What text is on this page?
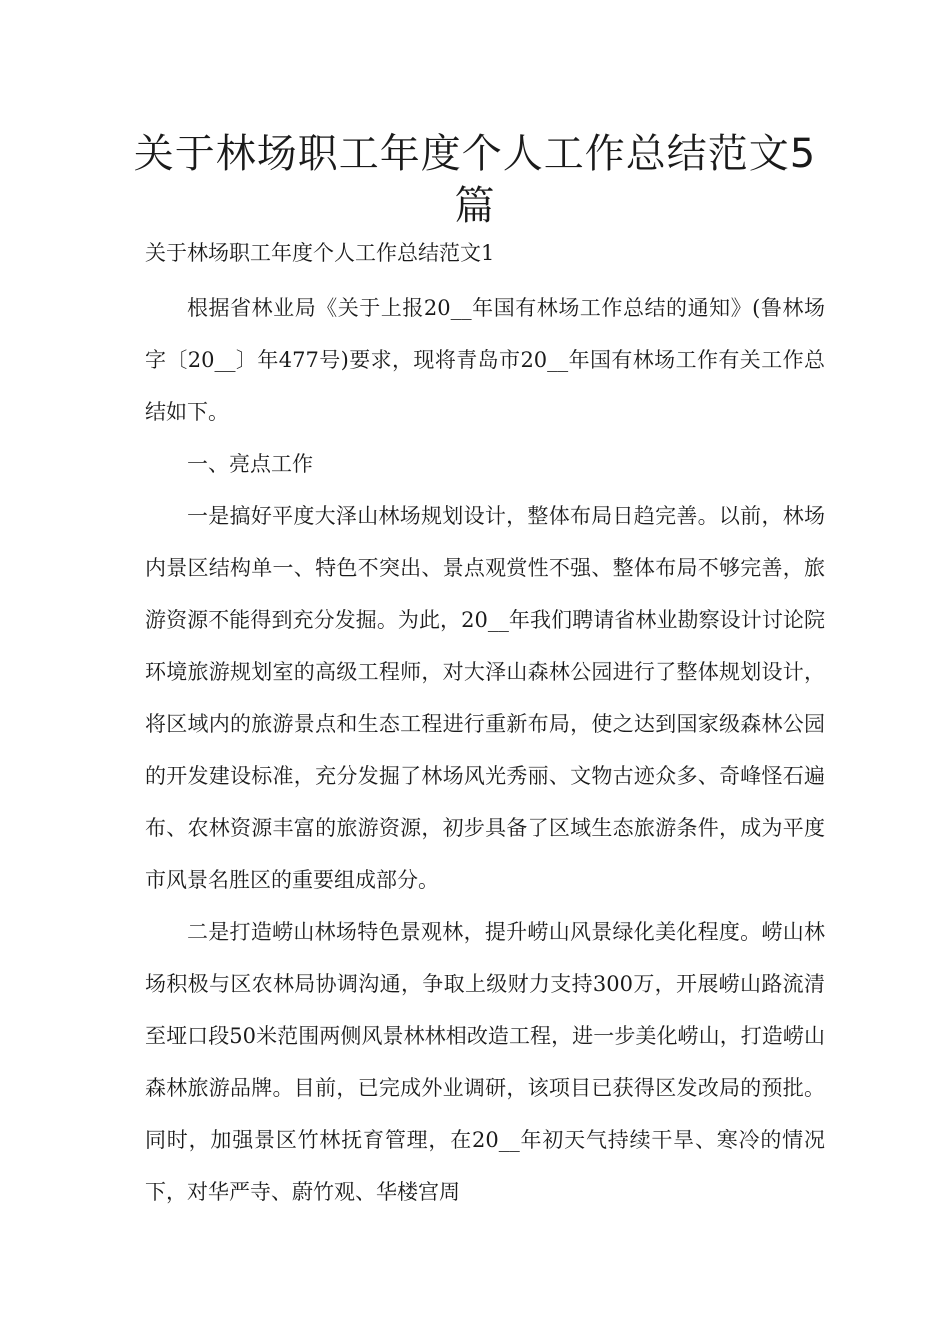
关于林场职工年度个人工作总结范文5篇
关于林场职工年度个人工作总结范文1

根据省林业局《关于上报20__年国有林场工作总结的通知》(鲁林场字〔20__〕年477号)要求，现将青岛市20__年国有林场工作有关工作总结如下。

一、亮点工作

一是搞好平度大泽山林场规划设计，整体布局日趋完善。以前，林场内景区结构单一、特色不突出、景点观赏性不强、整体布局不够完善，旅游资源不能得到充分发掘。为此，20__年我们聘请省林业勘察设计讨论院环境旅游规划室的高级工程师，对大泽山森林公园进行了整体规划设计，将区域内的旅游景点和生态工程进行重新布局，使之达到国家级森林公园的开发建设标准，充分发掘了林场风光秀丽、文物古迹众多、奇峰怪石遍布、农林资源丰富的旅游资源，初步具备了区域生态旅游条件，成为平度市风景名胜区的重要组成部分。

二是打造崂山林场特色景观林，提升崂山风景绿化美化程度。崂山林场积极与区农林局协调沟通，争取上级财力支持300万，开展崂山路流清至垭口段50米范围两侧风景林林相改造工程，进一步美化崂山，打造崂山森林旅游品牌。目前，已完成外业调研，该项目已获得区发改局的预批。同时，加强景区竹林抚育管理，在20__年初天气持续干旱、寒冷的情况下，对华严寺、蔚竹观、华楼宫周
